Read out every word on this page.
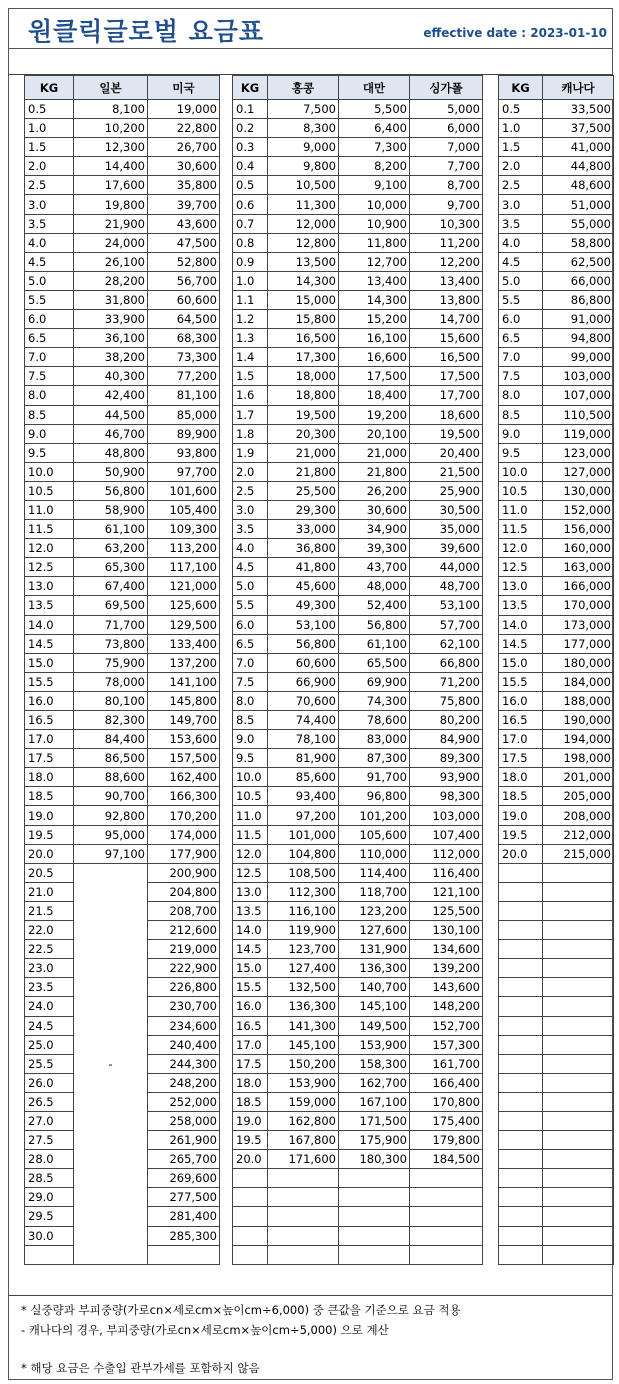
원클릭글로벌 요금표	effective date : 2023-01-10
KG	일본	미국
0.5	8,100	19,000
1.0	10,200	22,800
1.5	12,300	26,700
2.0	14,400	30,600
2.5	17,600	35,800
3.0	19,800	39,700
3.5	21,900	43,600
4.0	24,000	47,500
4.5	26,100	52,800
5.0	28,200	56,700
5.5	31,800	60,600
6.0	33,900	64,500
6.5	36,100	68,300
7.0	38,200	73,300
7.5	40,300	77,200
8.0	42,400	81,100
8.5	44,500	85,000
9.0	46,700	89,900
9.5	48,800	93,800
10.0	50,900	97,700
10.5	56,800	101,600
11.0	58,900	105,400
11.5	61,100	109,300
12.0	63,200	113,200
12.5	65,300	117,100
13.0	67,400	121,000
13.5	69,500	125,600
14.0	71,700	129,500
14.5	73,800	133,400
15.0	75,900	137,200
15.5	78,000	141,100
16.0	80,100	145,800
16.5	82,300	149,700
17.0	84,400	153,600
17.5	86,500	157,500
18.0	88,600	162,400
18.5	90,700	166,300
19.0	92,800	170,200
19.5	95,000	174,000
20.0	97,100	177,900
20.5	-	200,900
21.0		204,800
21.5		208,700
22.0		212,600
22.5		219,000
23.0		222,900
23.5		226,800
24.0		230,700
24.5		234,600
25.0		240,400
25.5		244,300
26.0		248,200
26.5		252,000
27.0		258,000
27.5		261,900
28.0		265,700
28.5		269,600
29.0		277,500
29.5		281,400
30.0		285,300

KG	홍콩	대만	싱가폴
0.1	7,500	5,500	5,000
0.2	8,300	6,400	6,000
0.3	9,000	7,300	7,000
0.4	9,800	8,200	7,700
0.5	10,500	9,100	8,700
0.6	11,300	10,000	9,700
0.7	12,000	10,900	10,300
0.8	12,800	11,800	11,200
0.9	13,500	12,700	12,200
1.0	14,300	13,400	13,400
1.1	15,000	14,300	13,800
1.2	15,800	15,200	14,700
1.3	16,500	16,100	15,600
1.4	17,300	16,600	16,500
1.5	18,000	17,500	17,500
1.6	18,800	18,400	17,700
1.7	19,500	19,200	18,600
1.8	20,300	20,100	19,500
1.9	21,000	21,000	20,400
2.0	21,800	21,800	21,500
2.5	25,500	26,200	25,900
3.0	29,300	30,600	30,500
3.5	33,000	34,900	35,000
4.0	36,800	39,300	39,600
4.5	41,800	43,700	44,000
5.0	45,600	48,000	48,700
5.5	49,300	52,400	53,100
6.0	53,100	56,800	57,700
6.5	56,800	61,100	62,100
7.0	60,600	65,500	66,800
7.5	66,900	69,900	71,200
8.0	70,600	74,300	75,800
8.5	74,400	78,600	80,200
9.0	78,100	83,000	84,900
9.5	81,900	87,300	89,300
10.0	85,600	91,700	93,900
10.5	93,400	96,800	98,300
11.0	97,200	101,200	103,000
11.5	101,000	105,600	107,400
12.0	104,800	110,000	112,000
12.5	108,500	114,400	116,400
13.0	112,300	118,700	121,100
13.5	116,100	123,200	125,500
14.0	119,900	127,600	130,100
14.5	123,700	131,900	134,600
15.0	127,400	136,300	139,200
15.5	132,500	140,700	143,600
16.0	136,300	145,100	148,200
16.5	141,300	149,500	152,700
17.0	145,100	153,900	157,300
17.5	150,200	158,300	161,700
18.0	153,900	162,700	166,400
18.5	159,000	167,100	170,800
19.0	162,800	171,500	175,400
19.5	167,800	175,900	179,800
20.0	171,600	180,300	184,500

KG	캐나다
0.5	33,500
1.0	37,500
1.5	41,000
2.0	44,800
2.5	48,600
3.0	51,000
3.5	55,000
4.0	58,800
4.5	62,500
5.0	66,000
5.5	86,800
6.0	91,000
6.5	94,800
7.0	99,000
7.5	103,000
8.0	107,000
8.5	110,500
9.0	119,000
9.5	123,000
10.0	127,000
10.5	130,000
11.0	152,000
11.5	156,000
12.0	160,000
12.5	163,000
13.0	166,000
13.5	170,000
14.0	173,000
14.5	177,000
15.0	180,000
15.5	184,000
16.0	188,000
16.5	190,000
17.0	194,000
17.5	198,000
18.0	201,000
18.5	205,000
19.0	208,000
19.5	212,000
20.0	215,000

* 실중량과 부피중량(가로cn×세로cm×높이cm÷6,000) 중 큰값을 기준으로 요금 적용
- 캐나다의 경우, 부피중량(가로cn×세로cm×높이cm÷5,000) 으로 계산
* 해당 요금은 수출입 관부가세를 포함하지 않음
